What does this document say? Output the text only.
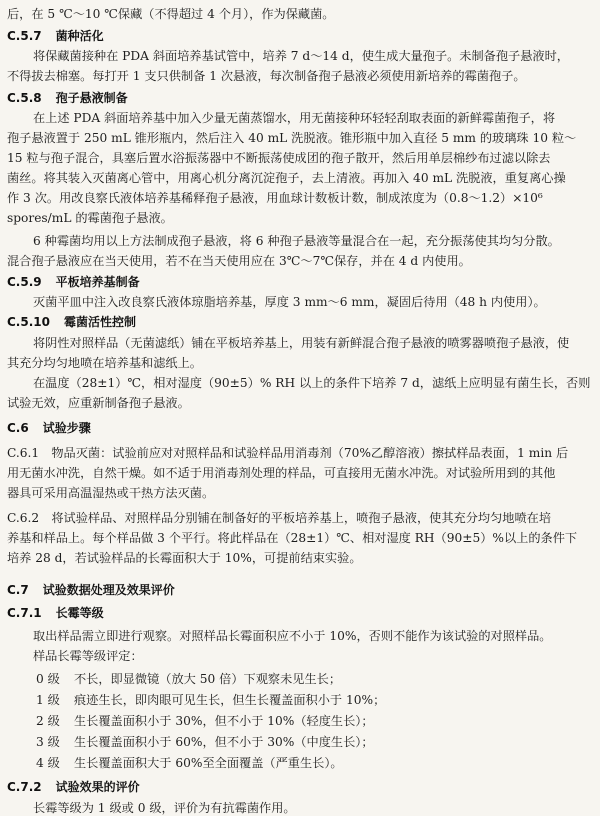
后，在 5 ℃～10 ℃保藏（不得超过 4 个月），作为保藏菌。
C.5.7 菌种活化
将保藏菌接种在 PDA 斜面培养基试管中，培养 7 d～14 d，使生成大量孢子。未制备孢子悬液时，
不得拔去棉塞。每打开 1 支只供制备 1 次悬液，每次制备孢子悬液必须使用新培养的霉菌孢子。
C.5.8 孢子悬液制备
在上述 PDA 斜面培养基中加入少量无菌蒸馏水，用无菌接种环轻轻刮取表面的新鲜霉菌孢子，将
孢子悬液置于 250 mL 锥形瓶内，然后注入 40 mL 洗脱液。锥形瓶中加入直径 5 mm 的玻璃珠 10 粒～
15 粒与孢子混合，具塞后置水浴振荡器中不断振荡使成团的孢子散开，然后用单层棉纱布过滤以除去
菌丝。将其装入灭菌离心管中，用离心机分离沉淀孢子，去上清液。再加入 40 mL 洗脱液，重复离心操
作 3 次。用改良察氏液体培养基稀释孢子悬液，用血球计数板计数，制成浓度为（0.8～1.2）×10⁶
spores/mL 的霉菌孢子悬液。
6 种霉菌均用以上方法制成孢子悬液，将 6 种孢子悬液等量混合在一起，充分振荡使其均匀分散。
混合孢子悬液应在当天使用，若不在当天使用应在 3℃～7℃保存，并在 4 d 内使用。
C.5.9 平板培养基制备
灭菌平皿中注入改良察氏液体琼脂培养基，厚度 3 mm～6 mm，凝固后待用（48 h 内使用）。
C.5.10 霉菌活性控制
将阴性对照样品（无菌滤纸）铺在平板培养基上，用装有新鲜混合孢子悬液的喷雾器喷孢子悬液，使
其充分均匀地喷在培养基和滤纸上。
在温度（28±1）℃，相对湿度（90±5）% RH 以上的条件下培养 7 d，滤纸上应明显有菌生长，否则
试验无效，应重新制备孢子悬液。
C.6 试验步骤
C.6.1　物品灭菌：试验前应对对照样品和试验样品用消毒剂（70%乙醇溶液）擦拭样品表面，1 min 后
用无菌水冲洗，自然干燥。如不适于用消毒剂处理的样品，可直接用无菌水冲洗。对试验所用到的其他
器具可采用高温湿热或干热方法灭菌。
C.6.2　将试验样品、对照样品分别铺在制备好的平板培养基上，喷孢子悬液，使其充分均匀地喷在培
养基和样品上。每个样品做 3 个平行。将此样品在（28±1）℃、相对湿度 RH（90±5）%以上的条件下
培养 28 d，若试验样品的长霉面积大于 10%，可提前结束实验。
C.7 试验数据处理及效果评价
C.7.1 长霉等级
取出样品需立即进行观察。对照样品长霉面积应不小于 10%，否则不能作为该试验的对照样品。
样品长霉等级评定：
0 级 不长，即显微镜（放大 50 倍）下观察未见生长；
1 级 痕迹生长，即肉眼可见生长，但生长覆盖面积小于 10%；
2 级 生长覆盖面积小于 30%，但不小于 10%（轻度生长）；
3 级 生长覆盖面积小于 60%，但不小于 30%（中度生长）；
4 级 生长覆盖面积大于 60%至全面覆盖（严重生长）。
C.7.2 试验效果的评价
长霉等级为 1 级或 0 级，评价为有抗霉菌作用。
